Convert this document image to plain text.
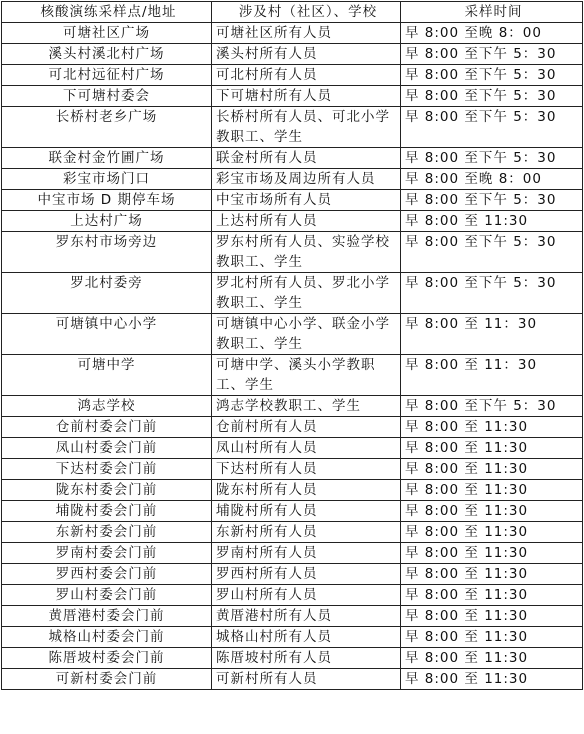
核酸演练采样点/地址	涉及村（社区）、学校	采样时间
可塘社区广场	可塘社区所有人员	早 8:00 至晚 8：00
溪头村溪北村广场	溪头村所有人员	早 8:00 至下午 5：30
可北村远征村广场	可北村所有人员	早 8:00 至下午 5：30
下可塘村委会	下可塘村所有人员	早 8:00 至下午 5：30
长桥村老乡广场	长桥村所有人员、可北小学教职工、学生	早 8:00 至下午 5：30
联金村金竹圃广场	联金村所有人员	早 8:00 至下午 5：30
彩宝市场门口	彩宝市场及周边所有人员	早 8:00 至晚 8：00
中宝市场 D 期停车场	中宝市场所有人员	早 8:00 至下午 5：30
上达村广场	上达村所有人员	早 8:00 至 11:30
罗东村市场旁边	罗东村所有人员、实验学校教职工、学生	早 8:00 至下午 5：30
罗北村委旁	罗北村所有人员、罗北小学教职工、学生	早 8:00 至下午 5：30
可塘镇中心小学	可塘镇中心小学、联金小学教职工、学生	早 8:00 至 11：30
可塘中学	可塘中学、溪头小学教职工、学生	早 8:00 至 11：30
鸿志学校	鸿志学校教职工、学生	早 8:00 至下午 5：30
仓前村委会门前	仓前村所有人员	早 8:00 至 11:30
凤山村委会门前	凤山村所有人员	早 8:00 至 11:30
下达村委会门前	下达村所有人员	早 8:00 至 11:30
陇东村委会门前	陇东村所有人员	早 8:00 至 11:30
埔陇村委会门前	埔陇村所有人员	早 8:00 至 11:30
东新村委会门前	东新村所有人员	早 8:00 至 11:30
罗南村委会门前	罗南村所有人员	早 8:00 至 11:30
罗西村委会门前	罗西村所有人员	早 8:00 至 11:30
罗山村委会门前	罗山村所有人员	早 8:00 至 11:30
黄厝港村委会门前	黄厝港村所有人员	早 8:00 至 11:30
城格山村委会门前	城格山村所有人员	早 8:00 至 11:30
陈厝坡村委会门前	陈厝坡村所有人员	早 8:00 至 11:30
可新村委会门前	可新村所有人员	早 8:00 至 11:30
